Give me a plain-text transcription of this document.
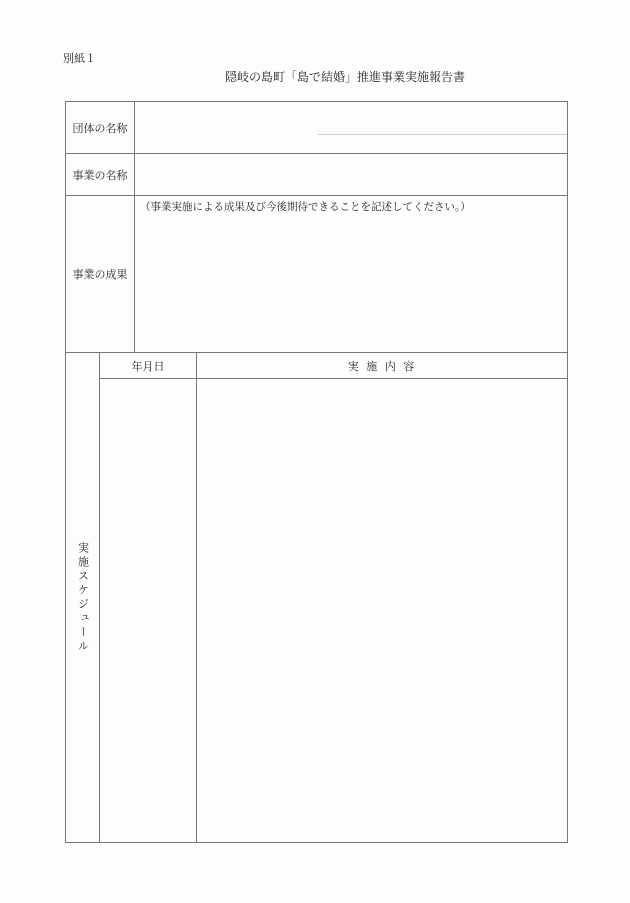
別紙１
隠岐の島町「島で結婚」推進事業実施報告書
団体の名称
事業の名称
事業の成果
（事業実施による成果及び今後期待できることを記述してください。）
実施スケジュール
年月日	実 施 内 容
